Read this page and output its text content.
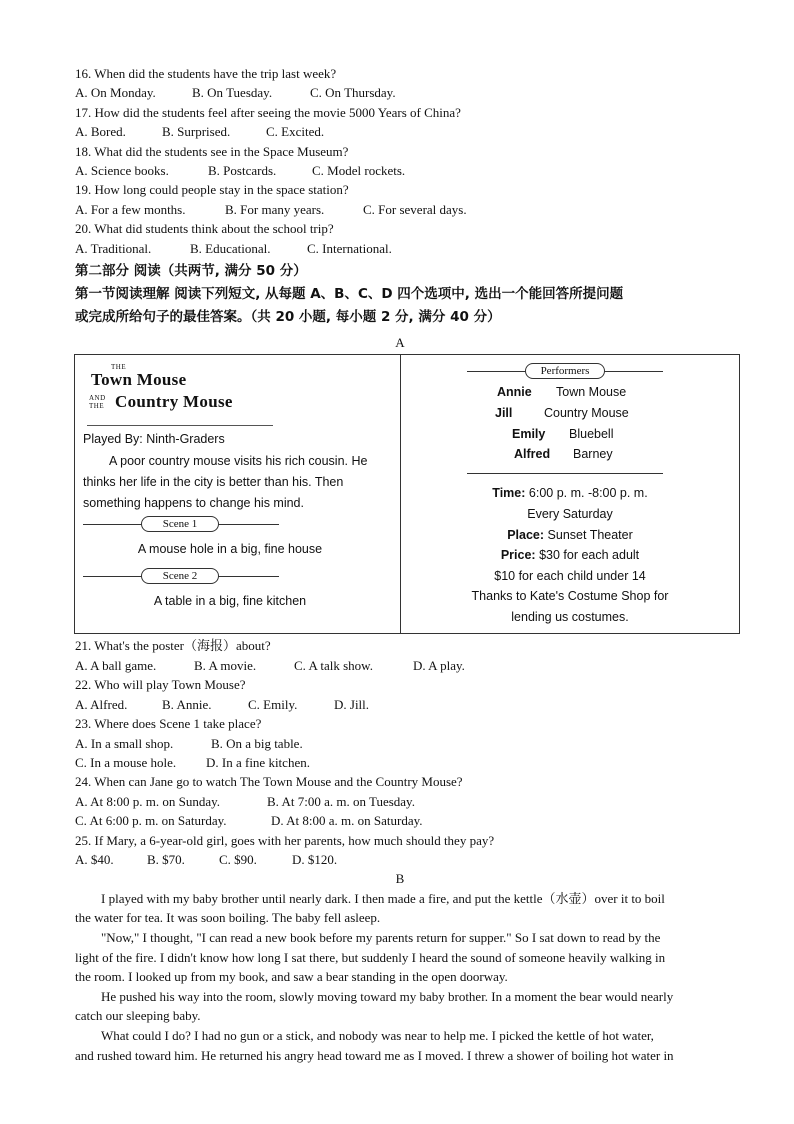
16. When did the students have the trip last week?
A. On Monday.	B. On Tuesday.	C. On Thursday.
17. How did the students feel after seeing the movie 5000 Years of China?
A. Bored.	B. Surprised.	C. Excited.
18. What did the students see in the Space Museum?
A. Science books.	B. Postcards.	C. Model rockets.
19. How long could people stay in the space station?
A. For a few months.	B. For many years.	C. For several days.
20. What did students think about the school trip?
A. Traditional.	B. Educational.	C. International.
第二部分 阅读（共两节, 满分 50 分）
第一节阅读理解 阅读下列短文, 从每题 A、B、C、D 四个选项中, 选出一个能回答所提问题
或完成所给句子的最佳答案。（共 20 小题, 每小题 2 分, 满分 40 分）
A
THE
Town Mouse
AND
THE Country Mouse
Played By: Ninth-Graders
A poor country mouse visits his rich cousin. He
thinks her life in the city is better than his. Then
something happens to change his mind.
Scene 1
A mouse hole in a big, fine house
Scene 2
A table in a big, fine kitchen
Performers
Annie Town Mouse
Jill	Country Mouse
Emily Bluebell
Alfred Barney
Time: 6:00 p. m. -8:00 p. m.
Every Saturday
Place: Sunset Theater
Price: $30 for each adult
$10 for each child under 14
Thanks to Kate's Costume Shop for
lending us costumes.
21. What's the poster（海报）about?
A. A ball game.	B. A movie.	C. A talk show.	D. A play.
22. Who will play Town Mouse?
A. Alfred.	B. Annie.	C. Emily.	D. Jill.
23. Where does Scene 1 take place?
A. In a small shop.	B. On a big table.
C. In a mouse hole. D. In a fine kitchen.
24. When can Jane go to watch The Town Mouse and the Country Mouse?
A. At 8:00 p. m. on Sunday.	B. At 7:00 a. m. on Tuesday.
C. At 6:00 p. m. on Saturday.	D. At 8:00 a. m. on Saturday.
25. If Mary, a 6-year-old girl, goes with her parents, how much should they pay?
A. $40.	B. $70.	C. $90.	D. $120.
B
I played with my baby brother until nearly dark. I then made a fire, and put the kettle（水壶）over it to boil
the water for tea. It was soon boiling. The baby fell asleep.
"Now," I thought, "I can read a new book before my parents return for supper." So I sat down to read by the
light of the fire. I didn't know how long I sat there, but suddenly I heard the sound of someone heavily walking in
the room. I looked up from my book, and saw a bear standing in the open doorway.
He pushed his way into the room, slowly moving toward my baby brother. In a moment the bear would nearly
catch our sleeping baby.
What could I do? I had no gun or a stick, and nobody was near to help me. I picked the kettle of hot water,
and rushed toward him. He returned his angry head toward me as I moved. I threw a shower of boiling hot water in
